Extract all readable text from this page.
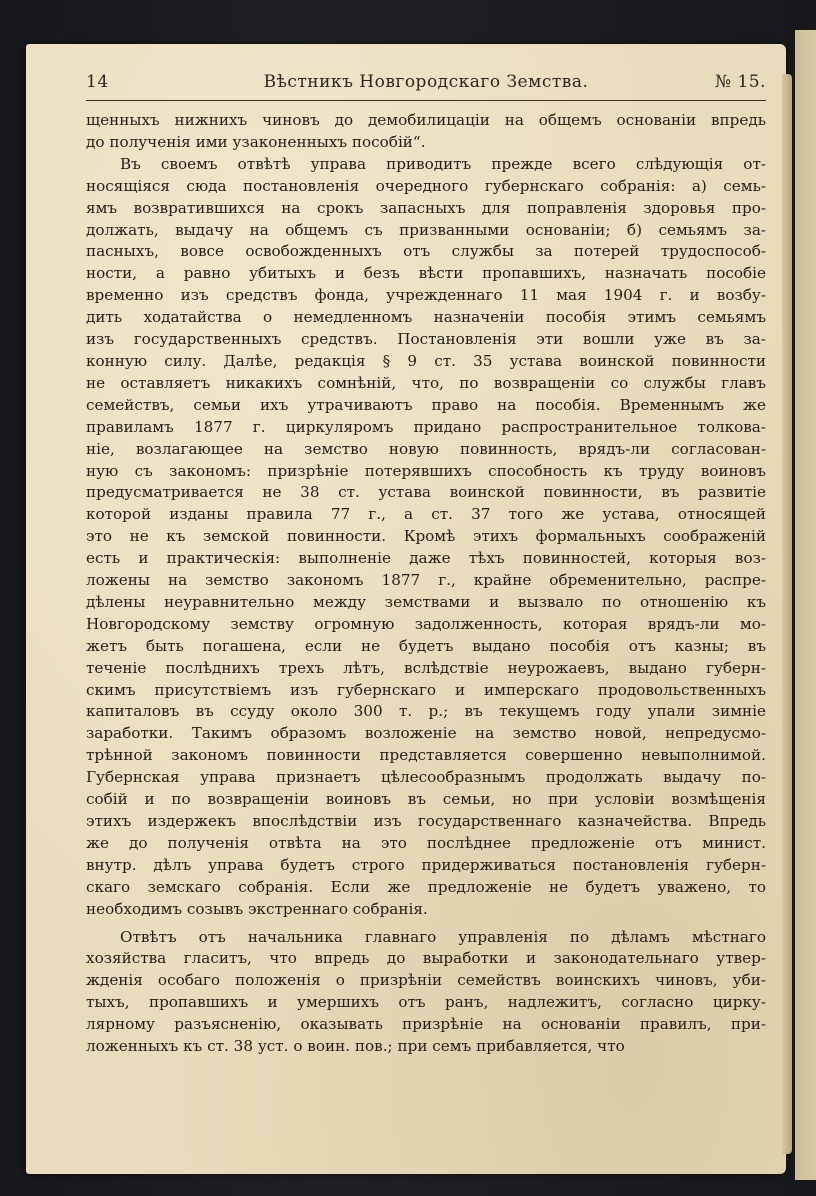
14	Вѣстникъ Новгородскаго Земства.	№ 15.

щенныхъ нижнихъ чиновъ до демобилицаціи на общемъ основаніи впредь
до полученія ими узаконенныхъ пособій“.

Въ своемъ отвѣтѣ управа приводитъ прежде всего слѣдующія от-
носящіяся сюда постановленія очередного губернскаго собранія: а) семь-
ямъ возвратившихся на срокъ запасныхъ для поправленія здоровья про-
должать, выдачу на общемъ съ призванными основаніи; б) семьямъ за-
пасныхъ, вовсе освобожденныхъ отъ службы за потерей трудоспособ-
ности, а равно убитыхъ и безъ вѣсти пропавшихъ, назначать пособіе
временно изъ средствъ фонда, учрежденнаго 11 мая 1904 г. и возбу-
дить ходатайства о немедленномъ назначеніи пособія этимъ семьямъ
изъ государственныхъ средствъ. Постановленія эти вошли уже въ за-
конную силу. Далѣе, редакція § 9 ст. 35 устава воинской повинности
не оставляетъ никакихъ сомнѣній, что, по возвращеніи со службы главъ
семействъ, семьи ихъ утрачиваютъ право на пособія. Временнымъ же
правиламъ 1877 г. циркуляромъ придано распространительное толкова-
ніе, возлагающее на земство новую повинность, врядъ-ли согласован-
ную съ закономъ: призрѣніе потерявшихъ способность къ труду воиновъ
предусматривается не 38 ст. устава воинской повинности, въ развитіе
которой изданы правила 77 г., а ст. 37 того же устава, относящей
это не къ земской повинности. Кромѣ этихъ формальныхъ соображеній
есть и практическія: выполненіе даже тѣхъ повинностей, которыя воз-
ложены на земство закономъ 1877 г., крайне обременительно, распре-
дѣлены неуравнительно между земствами и вызвало по отношенію къ
Новгородскому земству огромную задолженность, которая врядъ-ли мо-
жетъ быть погашена, если не будетъ выдано пособія отъ казны; въ
теченіе послѣднихъ трехъ лѣтъ, вслѣдствіе неурожаевъ, выдано губерн-
скимъ присутствіемъ изъ губернскаго и имперскаго продовольственныхъ
капиталовъ въ ссуду около 300 т. р.; въ текущемъ году упали зимніе
заработки. Такимъ образомъ возложеніе на земство новой, непредусмо-
трѣнной закономъ повинности представляется совершенно невыполнимой.
Губернская управа признаетъ цѣлесообразнымъ продолжать выдачу по-
собій и по возвращеніи воиновъ въ семьи, но при условіи возмѣщенія
этихъ издержекъ впослѣдствіи изъ государственнаго казначейства. Впредь
же до полученія отвѣта на это послѣднее предложеніе отъ минист.
внутр. дѣлъ управа будетъ строго придерживаться постановленія губерн-
скаго земскаго собранія. Если же предложеніе не будетъ уважено, то
необходимъ созывъ экстреннаго собранія.

Отвѣтъ отъ начальника главнаго управленія по дѣламъ мѣстнаго
хозяйства гласитъ, что впредь до выработки и законодательнаго утвер-
жденія особаго положенія о призрѣніи семействъ воинскихъ чиновъ, уби-
тыхъ, пропавшихъ и умершихъ отъ ранъ, надлежитъ, согласно цирку-
лярному разъясненію, оказывать призрѣніе на основаніи правилъ, при-
ложенныхъ къ ст. 38 уст. о воин. пов.; при семъ прибавляется, что
